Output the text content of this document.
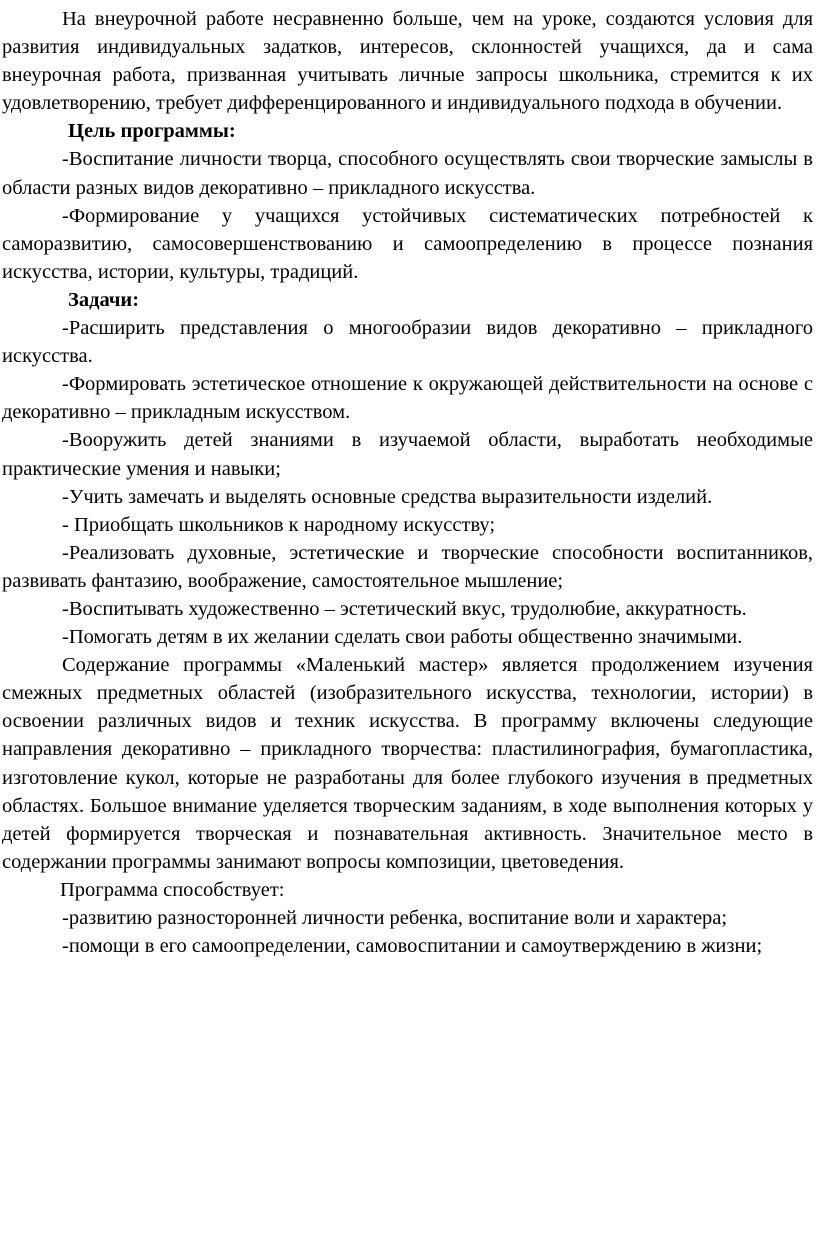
На внеурочной работе несравненно больше, чем на уроке, создаются условия для развития индивидуальных задатков, интересов, склонностей учащихся, да и сама внеурочная работа, призванная учитывать личные запросы школьника, стремится к их удовлетворению, требует дифференцированного и индивидуального подхода в обучении.

Цель программы:

-Воспитание личности творца, способного осуществлять свои творческие замыслы в области разных видов декоративно – прикладного искусства.

-Формирование у учащихся устойчивых систематических потребностей к саморазвитию, самосовершенствованию и самоопределению в процессе познания искусства, истории, культуры, традиций.

Задачи:

-Расширить представления о многообразии видов декоративно – прикладного искусства.

-Формировать эстетическое отношение к окружающей действительности на основе с декоративно – прикладным искусством.

-Вооружить детей знаниями в изучаемой области, выработать необходимые практические умения и навыки;

-Учить замечать и выделять основные средства выразительности изделий.

- Приобщать школьников к народному искусству;

-Реализовать духовные, эстетические и творческие способности воспитанников, развивать фантазию, воображение, самостоятельное мышление;

-Воспитывать художественно – эстетический вкус, трудолюбие, аккуратность.

-Помогать детям в их желании сделать свои работы общественно значимыми.

Содержание программы «Маленький мастер» является продолжением изучения смежных предметных областей (изобразительного искусства, технологии, истории) в освоении различных видов и техник искусства. В программу включены следующие направления декоративно – прикладного творчества: пластилинография, бумагопластика, изготовление кукол, которые не разработаны для более глубокого изучения в предметных областях. Большое внимание уделяется творческим заданиям, в ходе выполнения которых у детей формируется творческая и познавательная активность. Значительное место в содержании программы занимают вопросы композиции, цветоведения.

Программа способствует:

-развитию разносторонней личности ребенка, воспитание воли и характера;

-помощи в его самоопределении, самовоспитании и самоутверждению в жизни;
